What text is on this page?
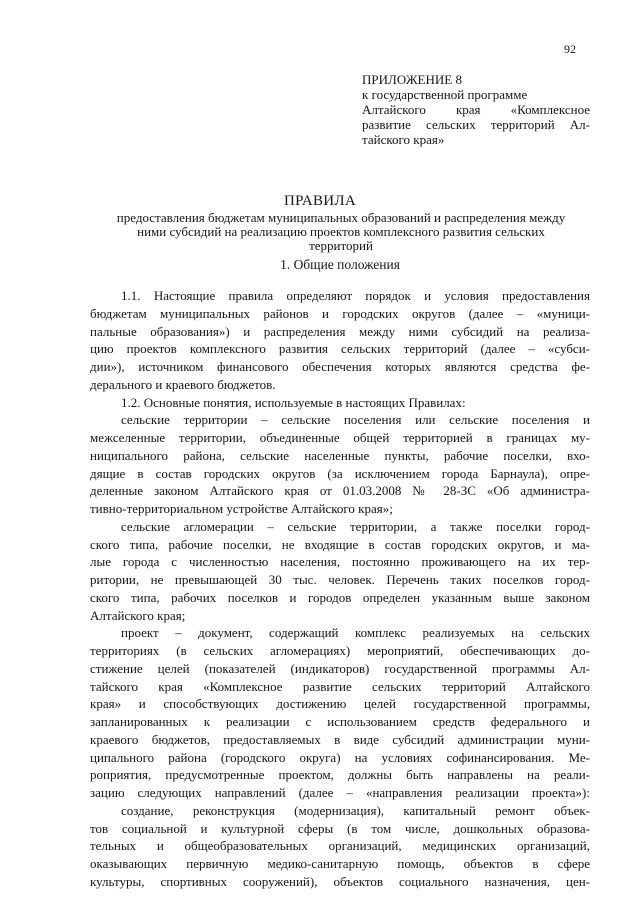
92
ПРИЛОЖЕНИЕ 8
к государственной программе
Алтайского края «Комплексное
развитие сельских территорий Ал-
тайского края»
ПРАВИЛА
предоставления бюджетам муниципальных образований и распределения между
ними субсидий на реализацию проектов комплексного развития сельских
территорий
1. Общие положения
1.1. Настоящие правила определяют порядок и условия предоставления
бюджетам муниципальных районов и городских округов (далее – «муници-
пальные образования») и распределения между ними субсидий на реализа-
цию проектов комплексного развития сельских территорий (далее – «субси-
дии»), источником финансового обеспечения которых являются средства фе-
дерального и краевого бюджетов.
1.2. Основные понятия, используемые в настоящих Правилах:
сельские территории – сельские поселения или сельские поселения и
межселенные территории, объединенные общей территорией в границах му-
ниципального района, сельские населенные пункты, рабочие поселки, вхо-
дящие в состав городских округов (за исключением города Барнаула), опре-
деленные законом Алтайского края от 01.03.2008 № 28-ЗС «Об администра-
тивно-территориальном устройстве Алтайского края»;
сельские агломерации – сельские территории, а также поселки город-
ского типа, рабочие поселки, не входящие в состав городских округов, и ма-
лые города с численностью населения, постоянно проживающего на их тер-
ритории, не превышающей 30 тыс. человек. Перечень таких поселков город-
ского типа, рабочих поселков и городов определен указанным выше законом
Алтайского края;
проект – документ, содержащий комплекс реализуемых на сельских
территориях (в сельских агломерациях) мероприятий, обеспечивающих до-
стижение целей (показателей (индикаторов) государственной программы Ал-
тайского края «Комплексное развитие сельских территорий Алтайского
края» и способствующих достижению целей государственной программы,
запланированных к реализации с использованием средств федерального и
краевого бюджетов, предоставляемых в виде субсидий администрации муни-
ципального района (городского округа) на условиях софинансирования. Ме-
роприятия, предусмотренные проектом, должны быть направлены на реали-
зацию следующих направлений (далее – «направления реализации проекта»):
создание, реконструкция (модернизация), капитальный ремонт объек-
тов социальной и культурной сферы (в том числе, дошкольных образова-
тельных и общеобразовательных организаций, медицинских организаций,
оказывающих первичную медико-санитарную помощь, объектов в сфере
культуры, спортивных сооружений), объектов социального назначения, цен-
